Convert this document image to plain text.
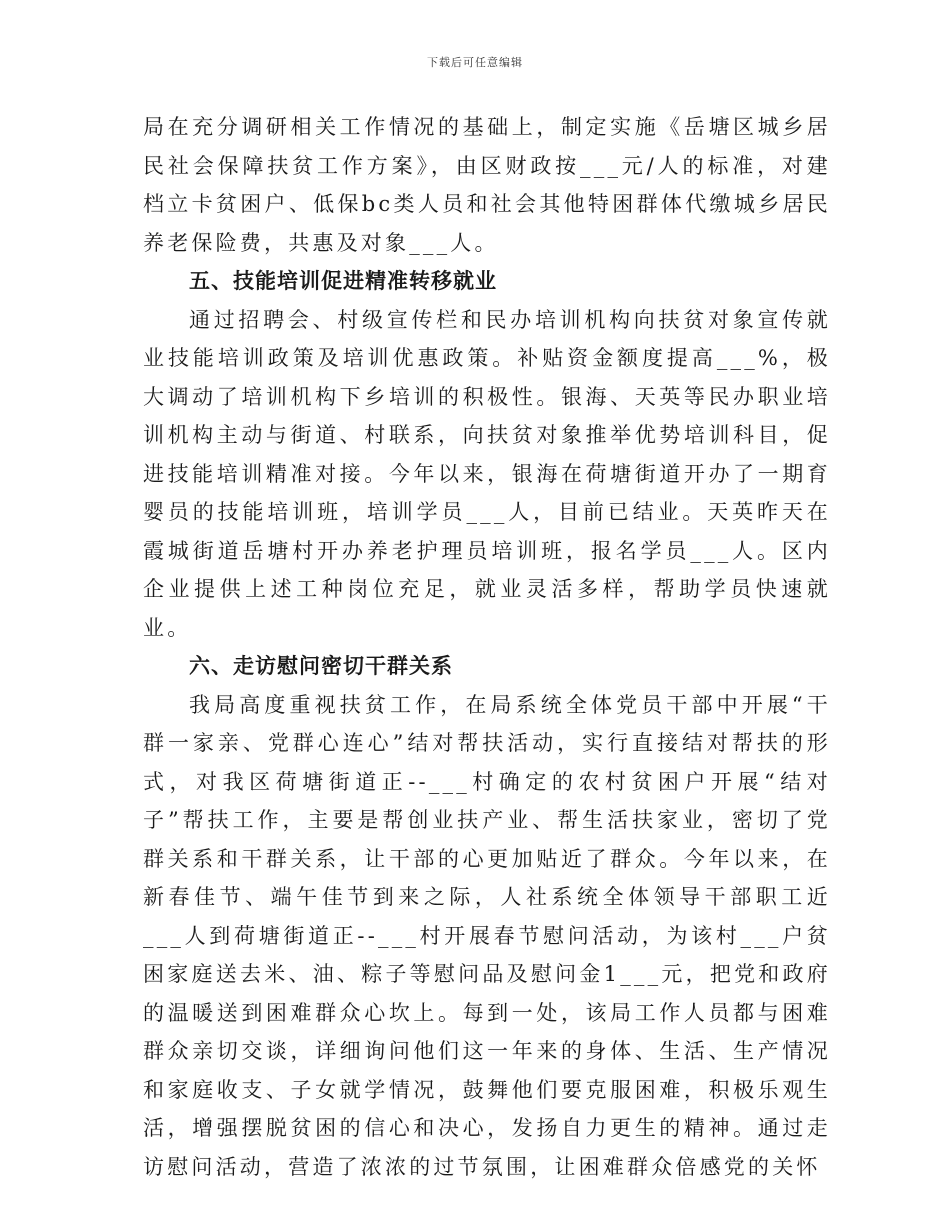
下载后可任意编辑

局在充分调研相关工作情况的基础上，制定实施《岳塘区城乡居民社会保障扶贫工作方案》，由区财政按___元/人的标准，对建档立卡贫困户、低保bc类人员和社会其他特困群体代缴城乡居民养老保险费，共惠及对象___人。

五、技能培训促进精准转移就业

通过招聘会、村级宣传栏和民办培训机构向扶贫对象宣传就业技能培训政策及培训优惠政策。补贴资金额度提高___%，极大调动了培训机构下乡培训的积极性。银海、天英等民办职业培训机构主动与街道、村联系，向扶贫对象推举优势培训科目，促进技能培训精准对接。今年以来，银海在荷塘街道开办了一期育婴员的技能培训班，培训学员___人，目前已结业。天英昨天在霞城街道岳塘村开办养老护理员培训班，报名学员___人。区内企业提供上述工种岗位充足，就业灵活多样，帮助学员快速就业。

六、走访慰问密切干群关系

我局高度重视扶贫工作，在局系统全体党员干部中开展“干群一家亲、党群心连心”结对帮扶活动，实行直接结对帮扶的形式，对我区荷塘街道正--___村确定的农村贫困户开展“结对子”帮扶工作，主要是帮创业扶产业、帮生活扶家业，密切了党群关系和干群关系，让干部的心更加贴近了群众。今年以来，在新春佳节、端午佳节到来之际，人社系统全体领导干部职工近___人到荷塘街道正--___村开展春节慰问活动，为该村___户贫困家庭送去米、油、粽子等慰问品及慰问金1___元，把党和政府的温暖送到困难群众心坎上。每到一处，该局工作人员都与困难群众亲切交谈，详细询问他们这一年来的身体、生活、生产情况和家庭收支、子女就学情况，鼓舞他们要克服困难，积极乐观生活，增强摆脱贫困的信心和决心，发扬自力更生的精神。通过走访慰问活动，营造了浓浓的过节氛围，让困难群众倍感党的关怀
